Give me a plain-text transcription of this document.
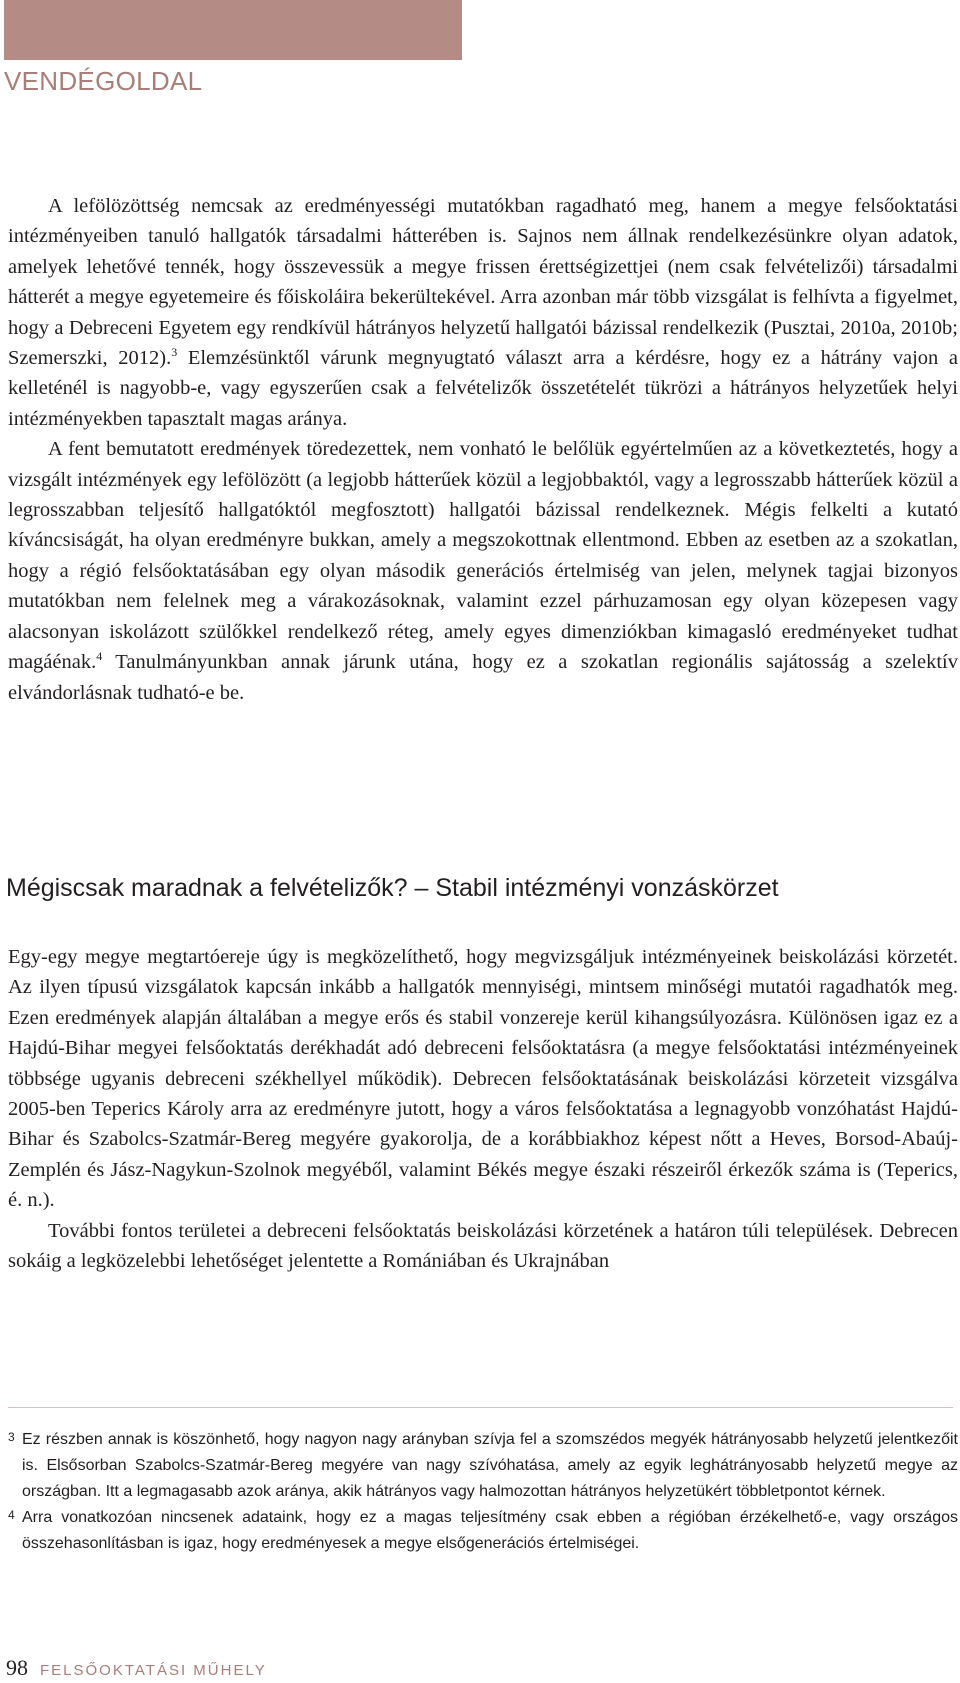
VENDÉGOLDAL

A lefölözöttség nemcsak az eredményességi mutatókban ragadható meg, hanem a megye felsőoktatási intézményeiben tanuló hallgatók társadalmi hátterében is. Sajnos nem állnak rendelkezésünkre olyan adatok, amelyek lehetővé tennék, hogy összevessük a megye frissen érettségizettjei (nem csak felvételizői) társadalmi hátterét a megye egyetemeire és főiskoláira bekerültekével. Arra azonban már több vizsgálat is felhívta a figyelmet, hogy a Debreceni Egyetem egy rendkívül hátrányos helyzetű hallgatói bázissal rendelkezik (Pusztai, 2010a, 2010b; Szemerszki, 2012).$^3$ Elemzésünktől várunk megnyugtató választ arra a kérdésre, hogy ez a hátrány vajon a kelleténél is nagyobb-e, vagy egyszerűen csak a felvételizők összetételét tükrözi a hátrányos helyzetűek helyi intézményekben tapasztalt magas aránya.

A fent bemutatott eredmények töredezettek, nem vonható le belőlük egyértelműen az a következtetés, hogy a vizsgált intézmények egy lefölözött (a legjobb hátterűek közül a legjobbaktól, vagy a legrosszabb hátterűek közül a legrosszabban teljesítő hallgatóktól megfosztott) hallgatói bázissal rendelkeznek. Mégis felkelti a kutató kíváncsiságát, ha olyan eredményre bukkan, amely a megszokottnak ellentmond. Ebben az esetben az a szokatlan, hogy a régió felsőoktatásában egy olyan második generációs értelmiség van jelen, melynek tagjai bizonyos mutatókban nem felelnek meg a várakozásoknak, valamint ezzel párhuzamosan egy olyan közepesen vagy alacsonyan iskolázott szülőkkel rendelkező réteg, amely egyes dimenziókban kimagasló eredményeket tudhat magáénak.$^4$ Tanulmányunkban annak járunk utána, hogy ez a szokatlan regionális sajátosság a szelektív elvándorlásnak tudható-e be.

Mégiscsak maradnak a felvételizők? – Stabil intézményi vonzáskörzet

Egy-egy megye megtartóereje úgy is megközelíthető, hogy megvizsgáljuk intézményeinek beiskolázási körzetét. Az ilyen típusú vizsgálatok kapcsán inkább a hallgatók mennyiségi, mintsem minőségi mutatói ragadhatók meg. Ezen eredmények alapján általában a megye erős és stabil vonzereje kerül kihangsúlyozásra. Különösen igaz ez a Hajdú-Bihar megyei felsőoktatás derékhadát adó debreceni felsőoktatásra (a megye felsőoktatási intézményeinek többsége ugyanis debreceni székhellyel működik). Debrecen felsőoktatásának beiskolázási körzeteit vizsgálva 2005-ben Teperics Károly arra az eredményre jutott, hogy a város felsőoktatása a legnagyobb vonzóhatást Hajdú-Bihar és Szabolcs-Szatmár-Bereg megyére gyakorolja, de a korábbiakhoz képest nőtt a Heves, Borsod-Abaúj-Zemplén és Jász-Nagykun-Szolnok megyéből, valamint Békés megye északi részeiről érkezők száma is (Teperics, é. n.).

További fontos területei a debreceni felsőoktatás beiskolázási körzetének a határon túli települések. Debrecen sokáig a legközelebbi lehetőséget jelentette a Romániában és Ukrajnában

3 Ez részben annak is köszönhető, hogy nagyon nagy arányban szívja fel a szomszédos megyék hátrányosabb helyzetű jelentkezőit is. Elsősorban Szabolcs-Szatmár-Bereg megyére van nagy szívóhatása, amely az egyik leghátrányosabb helyzetű megye az országban. Itt a legmagasabb azok aránya, akik hátrányos vagy halmozottan hátrányos helyzetükért többletpontot kérnek.

4 Arra vonatkozóan nincsenek adataink, hogy ez a magas teljesítmény csak ebben a régióban érzékelhető-e, vagy országos összehasonlításban is igaz, hogy eredményesek a megye elsőgenerációs értelmiségei.

98 FELSŐOKTATÁSI MŰHELY
